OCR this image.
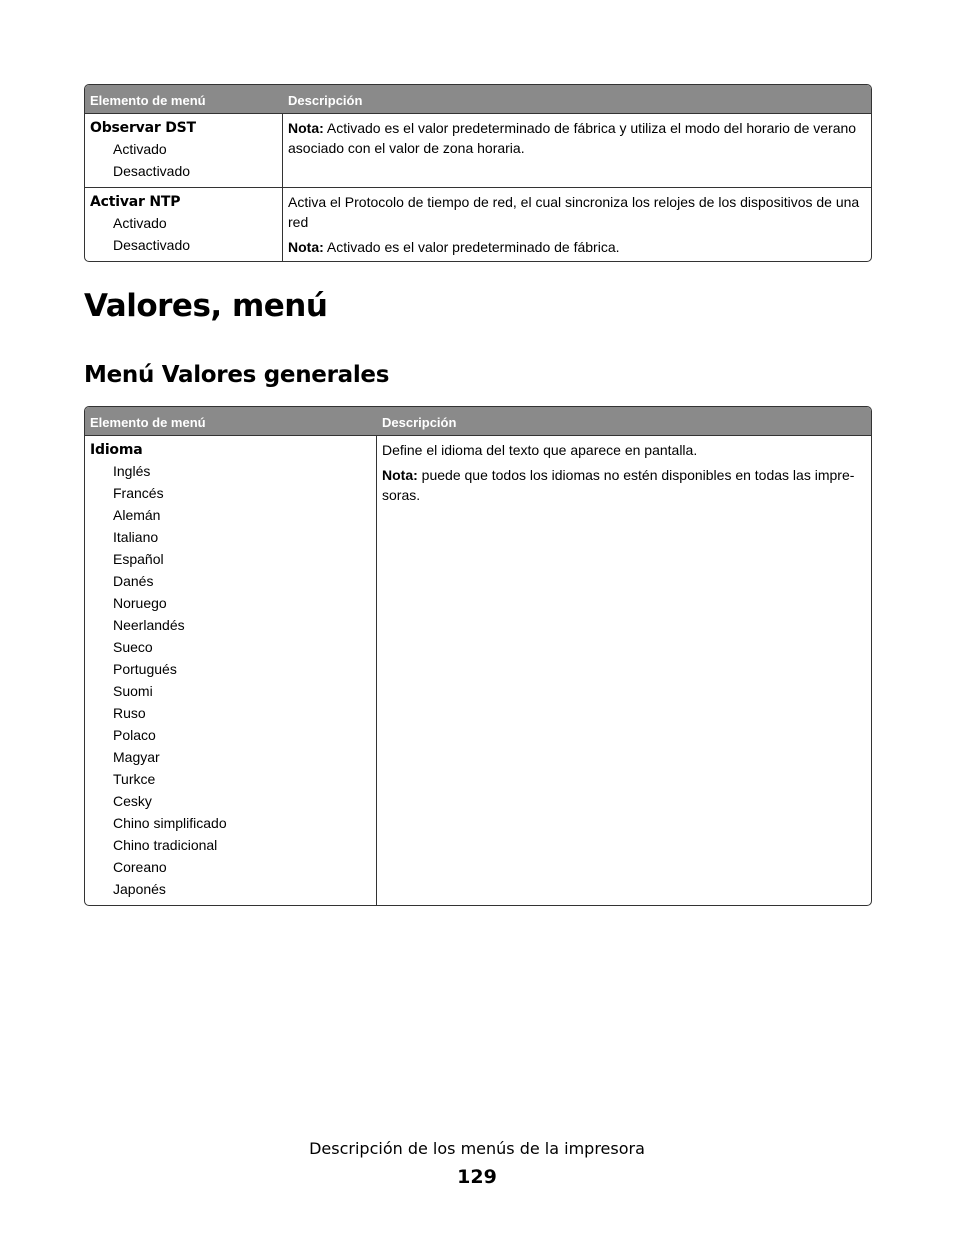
Elemento de menú	Descripción
Observar DST
Activado
Desactivado
Nota: Activado es el valor predeterminado de fábrica y utiliza el modo del horario de verano asociado con el valor de zona horaria.
Activar NTP
Activado
Desactivado
Activa el Protocolo de tiempo de red, el cual sincroniza los relojes de los dispositivos de una red
Nota: Activado es el valor predeterminado de fábrica.
Valores, menú
Menú Valores generales
Elemento de menú	Descripción
Idioma
Inglés
Francés
Alemán
Italiano
Español
Danés
Noruego
Neerlandés
Sueco
Portugués
Suomi
Ruso
Polaco
Magyar
Turkce
Cesky
Chino simplificado
Chino tradicional
Coreano
Japonés
Define el idioma del texto que aparece en pantalla.
Nota: puede que todos los idiomas no estén disponibles en todas las impre-soras.
Descripción de los menús de la impresora
129
